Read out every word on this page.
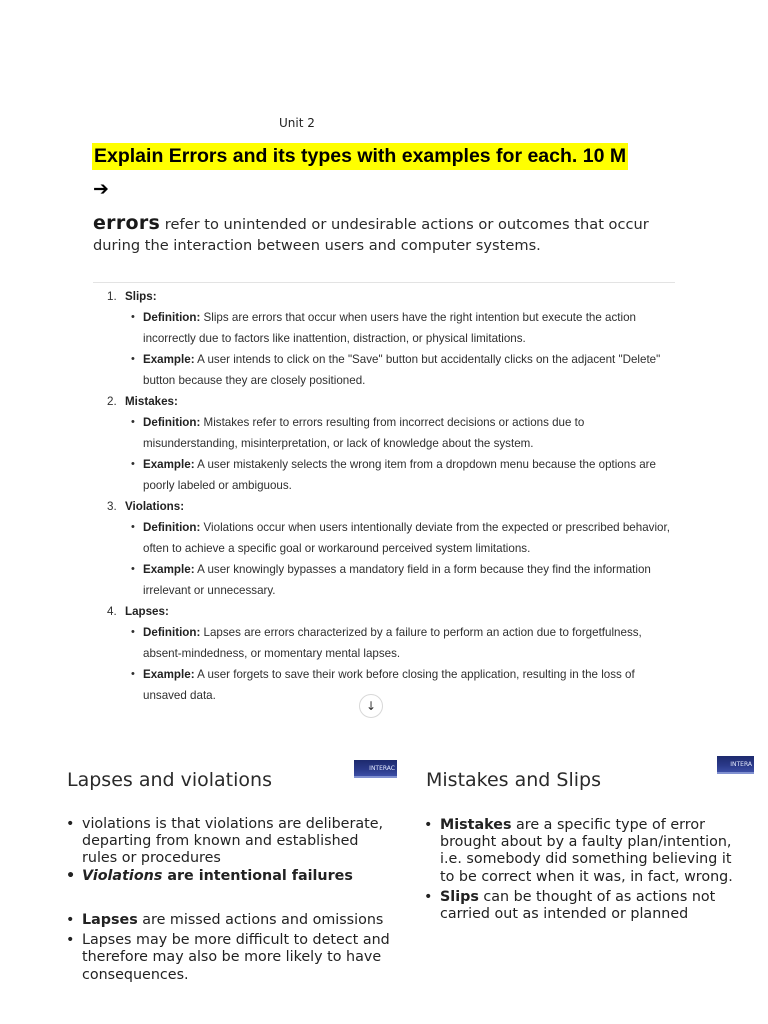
Unit 2
Explain Errors and its types with examples for each. 10 M
➔
errors refer to unintended or undesirable actions or outcomes that occur during the interaction between users and computer systems.
1. Slips:
• Definition: Slips are errors that occur when users have the right intention but execute the action incorrectly due to factors like inattention, distraction, or physical limitations.
• Example: A user intends to click on the "Save" button but accidentally clicks on the adjacent "Delete" button because they are closely positioned.
2. Mistakes:
• Definition: Mistakes refer to errors resulting from incorrect decisions or actions due to misunderstanding, misinterpretation, or lack of knowledge about the system.
• Example: A user mistakenly selects the wrong item from a dropdown menu because the options are poorly labeled or ambiguous.
3. Violations:
• Definition: Violations occur when users intentionally deviate from the expected or prescribed behavior, often to achieve a specific goal or workaround perceived system limitations.
• Example: A user knowingly bypasses a mandatory field in a form because they find the information irrelevant or unnecessary.
4. Lapses:
• Definition: Lapses are errors characterized by a failure to perform an action due to forgetfulness, absent-mindedness, or momentary mental lapses.
• Example: A user forgets to save their work before closing the application, resulting in the loss of unsaved data.
↓
Lapses and violations
INTERAC
• violations is that violations are deliberate, departing from known and established rules or procedures
• Violations are intentional failures
• Lapses are missed actions and omissions
• Lapses may be more difficult to detect and therefore may also be more likely to have consequences.
Mistakes and Slips
INTERA
• Mistakes are a specific type of error brought about by a faulty plan/intention, i.e. somebody did something believing it to be correct when it was, in fact, wrong.
• Slips can be thought of as actions not carried out as intended or planned
